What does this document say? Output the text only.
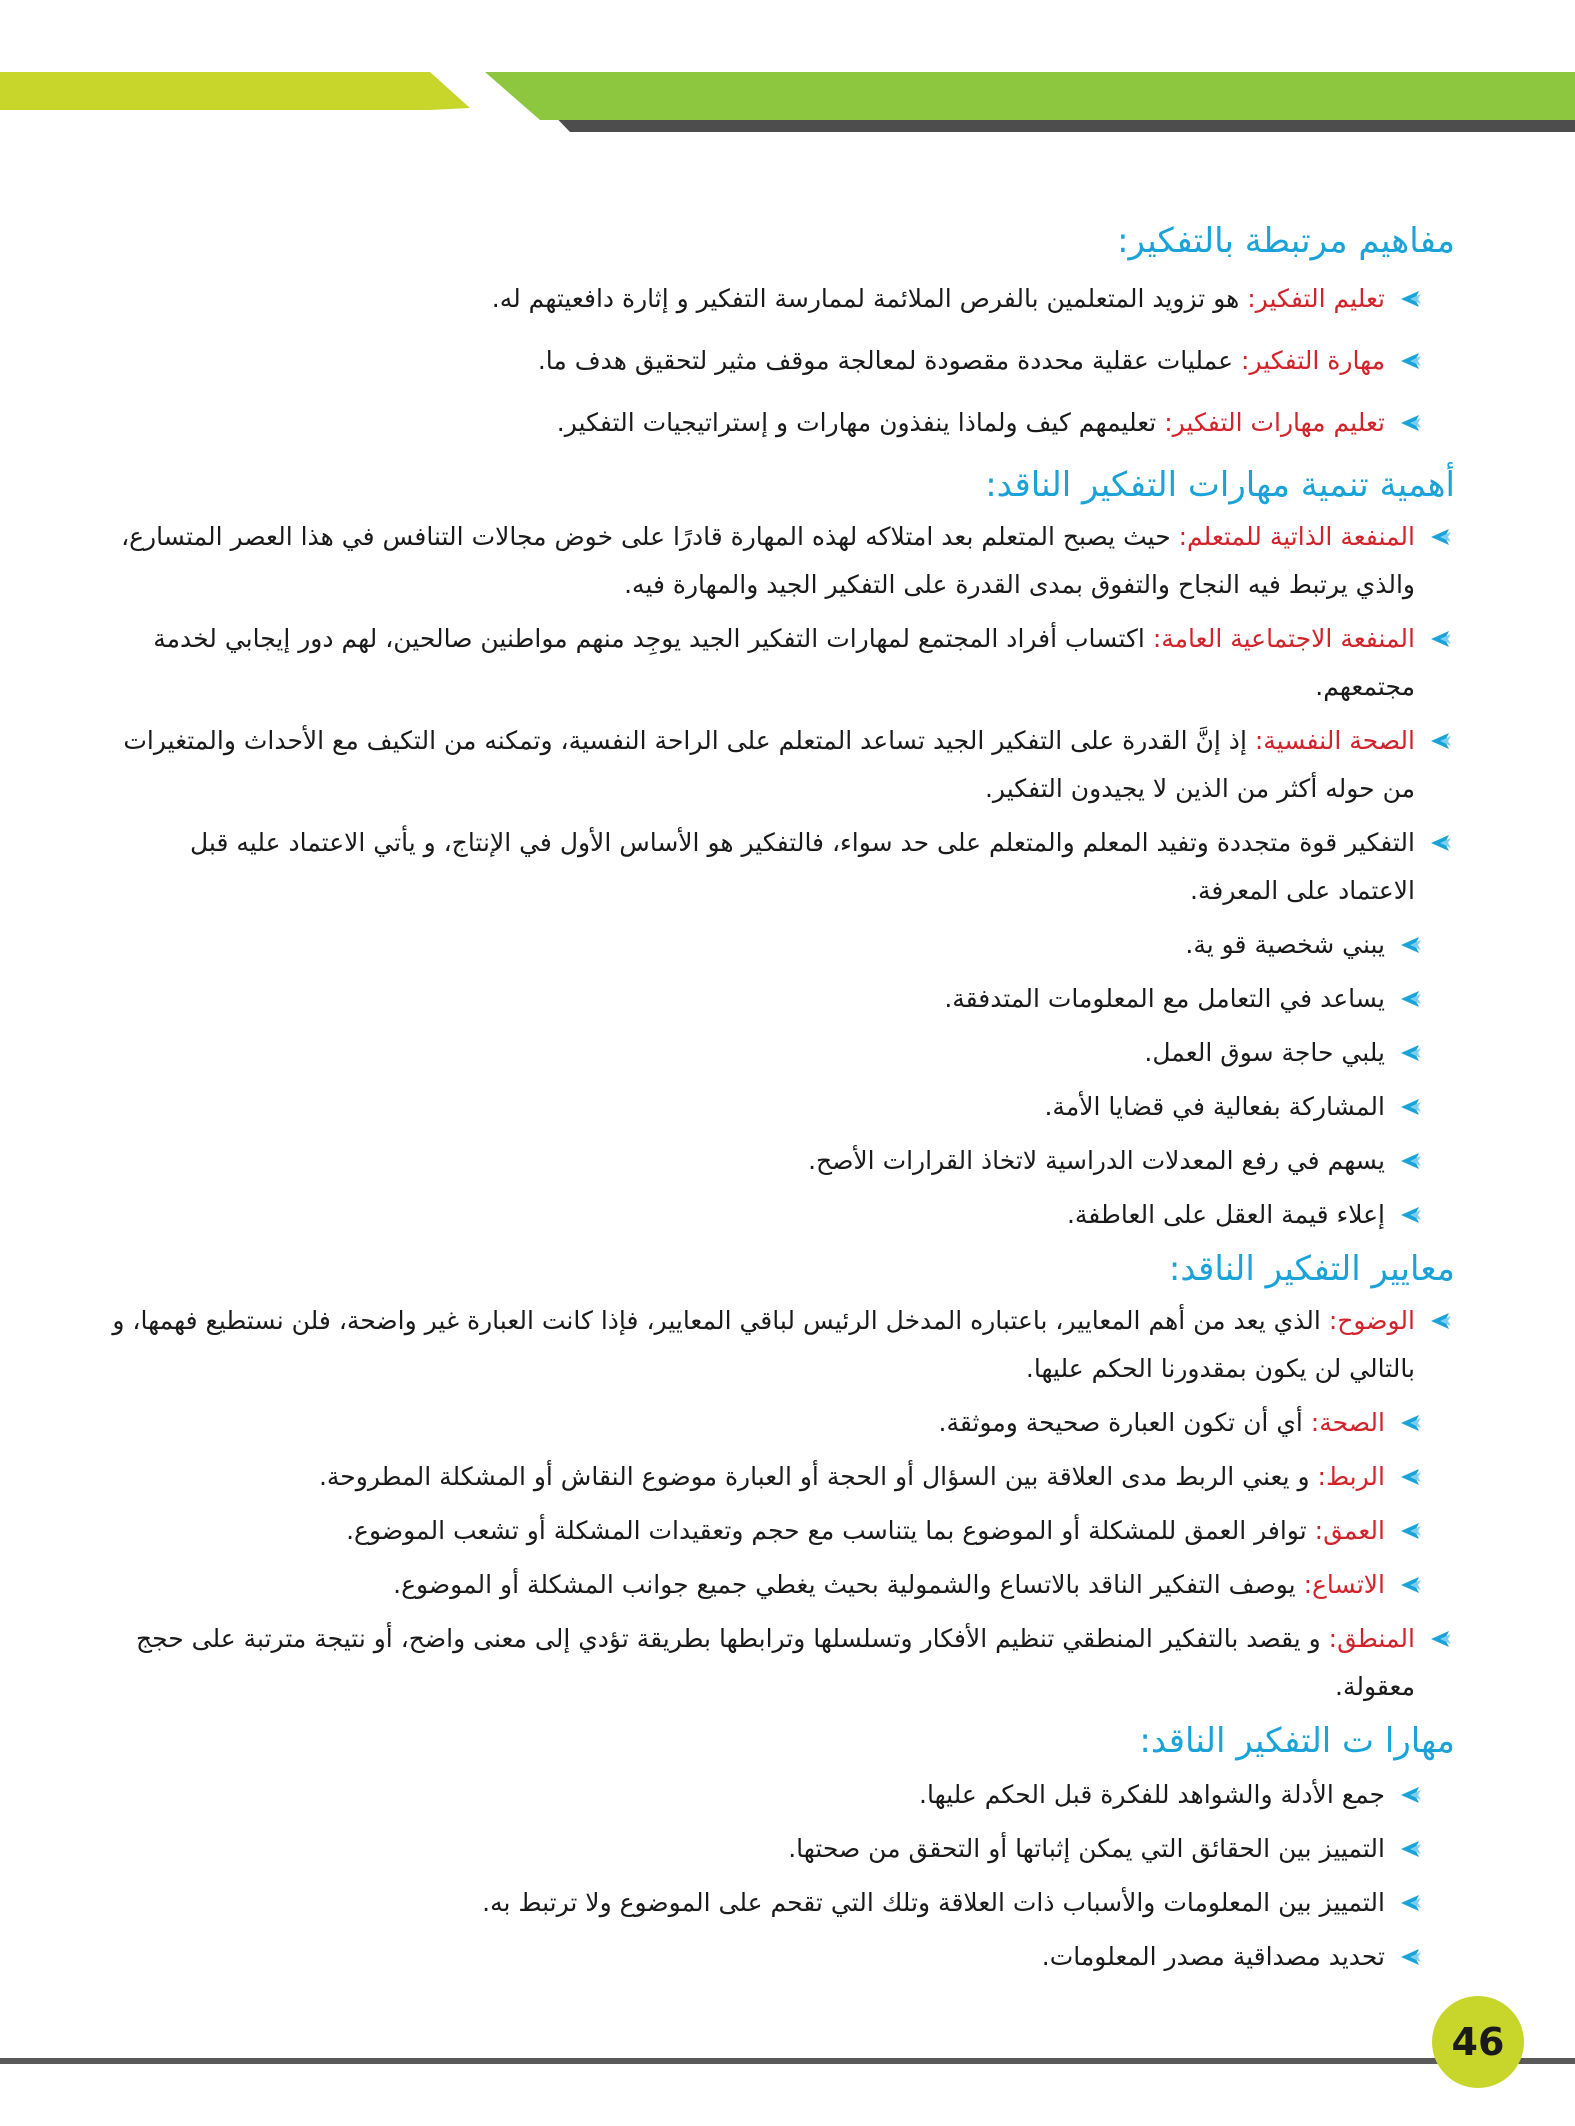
مفاهيم مرتبطة بالتفكير:
تعليم التفكير: هو تزويد المتعلمين بالفرص الملائمة لممارسة التفكير و إثارة دافعيتهم له.
مهارة التفكير: عمليات عقلية محددة مقصودة لمعالجة موقف مثير لتحقيق هدف ما.
تعليم مهارات التفكير: تعليمهم كيف ولماذا ينفذون مهارات و إستراتيجيات التفكير.
أهمية تنمية مهارات التفكير الناقد:
المنفعة الذاتية للمتعلم: حيث يصبح المتعلم بعد امتلاكه لهذه المهارة قادرًا على خوض مجالات التنافس في هذا العصر المتسارع، والذي يرتبط فيه النجاح والتفوق بمدى القدرة على التفكير الجيد والمهارة فيه.
المنفعة الاجتماعية العامة: اكتساب أفراد المجتمع لمهارات التفكير الجيد يوجِد منهم مواطنين صالحين، لهم دور إيجابي لخدمة مجتمعهم.
الصحة النفسية: إذ إنَّ القدرة على التفكير الجيد تساعد المتعلم على الراحة النفسية، وتمكنه من التكيف مع الأحداث والمتغيرات من حوله أكثر من الذين لا يجيدون التفكير.
التفكير قوة متجددة وتفيد المعلم والمتعلم على حد سواء، فالتفكير هو الأساس الأول في الإنتاج، و يأتي الاعتماد عليه قبل الاعتماد على المعرفة.
يبني شخصية قو ية.
يساعد في التعامل مع المعلومات المتدفقة.
يلبي حاجة سوق العمل.
المشاركة بفعالية في قضايا الأمة.
يسهم في رفع المعدلات الدراسية لاتخاذ القرارات الأصح.
إعلاء قيمة العقل على العاطفة.
معايير التفكير الناقد:
الوضوح: الذي يعد من أهم المعايير، باعتباره المدخل الرئيس لباقي المعايير، فإذا كانت العبارة غير واضحة، فلن نستطيع فهمها، و بالتالي لن يكون بمقدورنا الحكم عليها.
الصحة: أي أن تكون العبارة صحيحة وموثقة.
الربط: و يعني الربط مدى العلاقة بين السؤال أو الحجة أو العبارة موضوع النقاش أو المشكلة المطروحة.
العمق: توافر العمق للمشكلة أو الموضوع بما يتناسب مع حجم وتعقيدات المشكلة أو تشعب الموضوع.
الاتساع: يوصف التفكير الناقد بالاتساع والشمولية بحيث يغطي جميع جوانب المشكلة أو الموضوع.
المنطق: و يقصد بالتفكير المنطقي تنظيم الأفكار وتسلسلها وترابطها بطريقة تؤدي إلى معنى واضح، أو نتيجة مترتبة على حجج معقولة.
مهارا ت التفكير الناقد:
جمع الأدلة والشواهد للفكرة قبل الحكم عليها.
التمييز بين الحقائق التي يمكن إثباتها أو التحقق من صحتها.
التمييز بين المعلومات والأسباب ذات العلاقة وتلك التي تقحم على الموضوع ولا ترتبط به.
تحديد مصداقية مصدر المعلومات.
46
